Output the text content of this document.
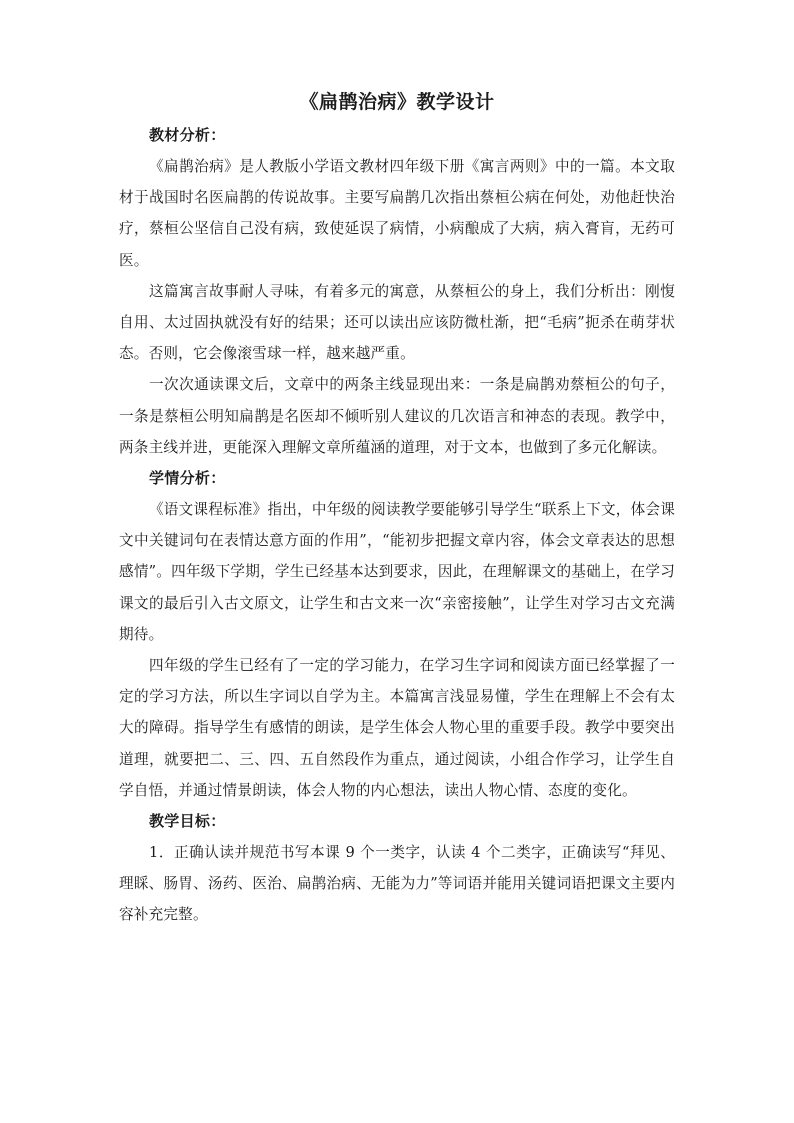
《扁鹊治病》教学设计
教材分析：

《扁鹊治病》是人教版小学语文教材四年级下册《寓言两则》中的一篇。本文取材于战国时名医扁鹊的传说故事。主要写扁鹊几次指出蔡桓公病在何处，劝他赶快治疗，蔡桓公坚信自己没有病，致使延误了病情，小病酿成了大病，病入膏肓，无药可医。

这篇寓言故事耐人寻味，有着多元的寓意，从蔡桓公的身上，我们分析出：刚愎自用、太过固执就没有好的结果；还可以读出应该防微杜渐，把“毛病”扼杀在萌芽状态。否则，它会像滚雪球一样，越来越严重。

一次次通读课文后，文章中的两条主线显现出来：一条是扁鹊劝蔡桓公的句子，一条是蔡桓公明知扁鹊是名医却不倾听别人建议的几次语言和神态的表现。教学中，两条主线并进，更能深入理解文章所蕴涵的道理，对于文本，也做到了多元化解读。

学情分析：

《语文课程标准》指出，中年级的阅读教学要能够引导学生“联系上下文，体会课文中关键词句在表情达意方面的作用”，“能初步把握文章内容，体会文章表达的思想感情”。四年级下学期，学生已经基本达到要求，因此，在理解课文的基础上，在学习课文的最后引入古文原文，让学生和古文来一次“亲密接触”，让学生对学习古文充满期待。

四年级的学生已经有了一定的学习能力，在学习生字词和阅读方面已经掌握了一定的学习方法，所以生字词以自学为主。本篇寓言浅显易懂，学生在理解上不会有太大的障碍。指导学生有感情的朗读，是学生体会人物心里的重要手段。教学中要突出道理，就要把二、三、四、五自然段作为重点，通过阅读，小组合作学习，让学生自学自悟，并通过情景朗读，体会人物的内心想法，读出人物心情、态度的变化。

教学目标：

1．正确认读并规范书写本课 9 个一类字，认读 4 个二类字，正确读写“拜见、理睬、肠胃、汤药、医治、扁鹊治病、无能为力”等词语并能用关键词语把课文主要内容补充完整。
